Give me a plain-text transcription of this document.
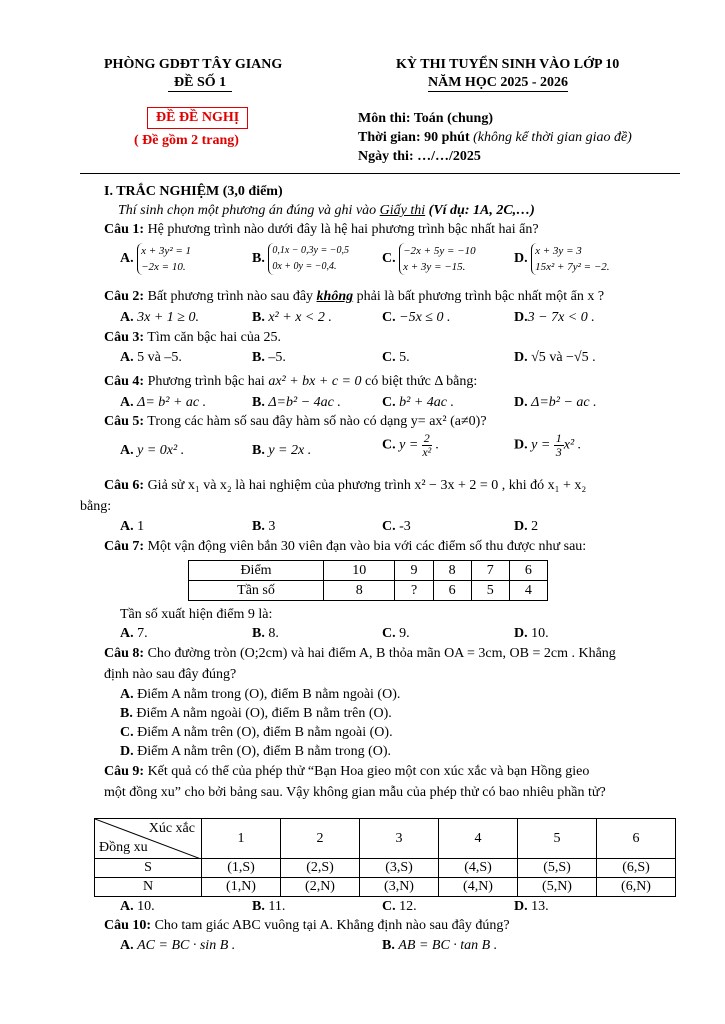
PHÒNG GDĐT TÂY GIANG
ĐỀ SỐ 1
KỲ THI TUYỂN SINH VÀO LỚP 10
NĂM HỌC 2025 - 2026
ĐỀ ĐỀ NGHỊ
( Đề gồm 2 trang)
Môn thi: Toán (chung)
Thời gian: 90 phút (không kể thời gian giao đề)
Ngày thi: …/…/2025
I. TRẮC NGHIỆM (3,0 điểm)
Thí sinh chọn một phương án đúng và ghi vào Giấy thi (Ví dụ: 1A, 2C,…)
Câu 1: Hệ phương trình nào dưới đây là hệ hai phương trình bậc nhất hai ẩn?
A. x + 3y² = 1
−2x = 10.
B. 0,1x − 0,3y = −0,5
0x + 0y = −0,4.
C. −2x + 5y = −10
x + 3y = −15.
D. x + 3y = 3
15x² + 7y² = −2.
Câu 2: Bất phương trình nào sau đây không phải là bất phương trình bậc nhất một ẩn x ?
A. 3x + 1 ≥ 0.	B. x² + x < 2 .	C. −5x ≤ 0 .	D.3 − 7x < 0 .
Câu 3: Tìm căn bậc hai của 25.
A. 5 và –5.	B. –5.	C. 5.	D. √5 và −√5 .
Câu 4: Phương trình bậc hai ax² + bx + c = 0 có biệt thức Δ bằng:
A. Δ= b² + ac .	B. Δ=b² − 4ac .	C. b² + 4ac .	D. Δ=b² − ac .
Câu 5: Trong các hàm số sau đây hàm số nào có dạng y= ax² (a≠0)?
A. y = 0x² .	B. y = 2x .	C. $y = \frac{2}{\text{x²}}$ .	D. $y = \frac{1}{3} x^2$ .
Câu 6: Giả sử x₁ và x₂ là hai nghiệm của phương trình x² − 3x + 2 = 0 , khi đó x₁ + x₂
bằng:
A. 1	B. 3	C. -3	D. 2
Câu 7: Một vận động viên bắn 30 viên đạn vào bia với các điểm số thu được như sau:
Điểm	10	9	8	7	6
Tần số	8	?	6	5	4
Tần số xuất hiện điểm 9 là:
A. 7.	B. 8.	C. 9.	D. 10.
Câu 8: Cho đường tròn (O;2cm) và hai điểm A, B thỏa mãn OA = 3cm, OB = 2cm . Khẳng
định nào sau đây đúng?
A. Điểm A nằm trong (O), điểm B nằm ngoài (O).
B. Điểm A nằm ngoài (O), điểm B nằm trên (O).
C. Điểm A nằm trên (O), điểm B nằm ngoài (O).
D. Điểm A nằm trên (O), điểm B nằm trong (O).
Câu 9: Kết quả có thể của phép thử “Bạn Hoa gieo một con xúc xắc và bạn Hồng gieo
một đồng xu” cho bởi bảng sau. Vậy không gian mẫu của phép thử có bao nhiêu phần tử?
Xúc xắc
Đồng xu	1	2	3	4	5	6
S	(1,S)	(2,S)	(3,S)	(4,S)	(5,S)	(6,S)
N	(1,N)	(2,N)	(3,N)	(4,N)	(5,N)	(6,N)
A. 10.	B. 11.	C. 12.	D. 13.
Câu 10: Cho tam giác ABC vuông tại A. Khẳng định nào sau đây đúng?
A. AC = BC · sin B .	B. AB = BC · tan B .
